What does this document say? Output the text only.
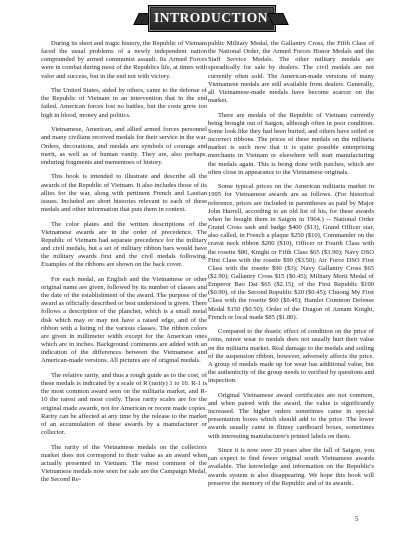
INTRODUCTION

During its short and tragic history, the Republic of Vietnam faced the usual problems of a newly independent nation compounded by armed communist assault. Its Armed Forces were in combat during most of the Republics life, at times with valor and success, but in the end not with victory.

The United States, aided by others, came to the defense of the Republic of Vietnam in an intervention that in the end failed. American forces lost no battles, but the costs grew too high in blood, money and politics.

Vietnamese, American, and allied armed forces personnel and many civilians received medals for their service in the war. Orders, decorations, and medals are symbols of courage and merit, as well as of human vanity. They are, also perhaps, enduring fragments and mementoes of history.

This book is intended to illustrate and describe all the awards of the Republic of Vietnam. It also includes those of its allies for the war, along with pertinent French and Laotian issues. Included are short histories relevant to each of these medals and other information that puts them in context.

The color plates and the written descriptions of the Vietnamese awards are in the order of precedence. The Republic of Vietnam had separate precedence for the military and civil medals, but a set of military ribbon bars would have the military awards first and the civil medals following. Examples of the ribbons are shown on the back cover.

For each medal, an English and the Vietnamese or other original name are given, followed by its number of classes and the date of the establishment of the award. The purpose of the award as officially described or best understood is given. There follows a description of the planchet, which is a small metal disk which may or may not have a raised edge, and of the ribbon with a listing of the various classes. The ribbon colors are given in millimeter width except for the American ones which are in inches. Background comments are added with an indication of the differences between the Vietnamese and American-made versions. All pictures are of original medals.

The relative rarity, and thus a rough guide as to the cost, of these medals is indicated by a scale of R (rarity) 1 to 10. R-1 is the most common award seen on the militaria market, and R-10 the rarest and most costly. These rarity scales are for the original made awards, not for American or recent made copies. Rarity can be affected at any time by the release to the market of an accumulation of these awards by a manufacturer or collector.

The rarity of the Vietnamese medals on the collectors market does not correspond to their value as an award when actually presented in Vietnam. The most common of the Vietnamese medals now seen for sale are the Campaign Medal, the Second Re-

public Military Medal, the Gallantry Cross, the Fifth Class of the National Order, the Armed Forces Honor Medals and the Staff Service Medals. The other military medals are sporadically for sale by dealers. The civil medals are not currently often sold. The American-made versions of many Vietnamese medals are still available from dealers. Generally, all Vietnamese-made medals have become scarcer on the market.

There are medals of the Republic of Vietnam currently being brought out of Saigon, although often in poor condition. Some look like they had been buried, and others have soiled or incorrect ribbons. The prices of these medals on the militaria market is such now that it is quite possible enterprising merchants in Vietnam or elsewhere will start manufacturing the medals again. This is being done with patches, which are often close in appearance to the Vietnamese originals.

Some typical prices on the American militaria market in 1995 for Vietnamese awards are as follows. (For historical reference, prices are included in parentheses as paid by Major John Harrell, according to an old list of his, for these awards when he bought them in Saigon in 1964.) -- National Order Grand Cross sash and badge $400 ($13), Grand Officer star, also called, in French a plaque $250 ($10), Commander on the cravat neck ribbon $200 ($10), Officer or Fourth Class with the rosette $80, Knight or Fifth Class $65 ($3.90); Navy DSO First Class with the rosette $90 ($3.50); Air Force DSO First Class with the rosette $90 ($3); Navy Gallantry Cross $65 ($2.90); Gallantry Cross $15 ($0.45); Military Merit Medal of Emperor Bao Dai $65 ($2.15), of the First Republic $100 ($0.90), of the Second Republic $20 ($0.45); Chuong My First Class with the rosette $60 ($0.45); Hamlet Common Defense Medal $150 ($0.50); Order of the Dragon of Annam Knight, French or local made $85 ($1.80).

Compared to the drastic effect of condition on the price of coins, minor wear to medals does not usually hurt their value on the militaria market. Real damage to the medals and soiling of the suspension ribbon, however, adversely affects the price. A group of medals made up for wear has additional value, but the authenticity of the group needs to verified by questions and inspection.

Original Vietnamese award certificates are not common, and when paired with the award, the value is significantly increased. The higher orders sometimes came in special presentation boxes which should add to the price. The lower awards usually came in flimsy cardboard boxes, sometimes with interesting manufacturer's printed labels on them.

Since it is now over 20 years after the fall of Saigon, you can expect to find fewer original south Vietnamese awards available. The knowledge and information on the Republic's awards system is also disappearing. We hope this book will preserve the memory of the Republic and of its awards.

5
